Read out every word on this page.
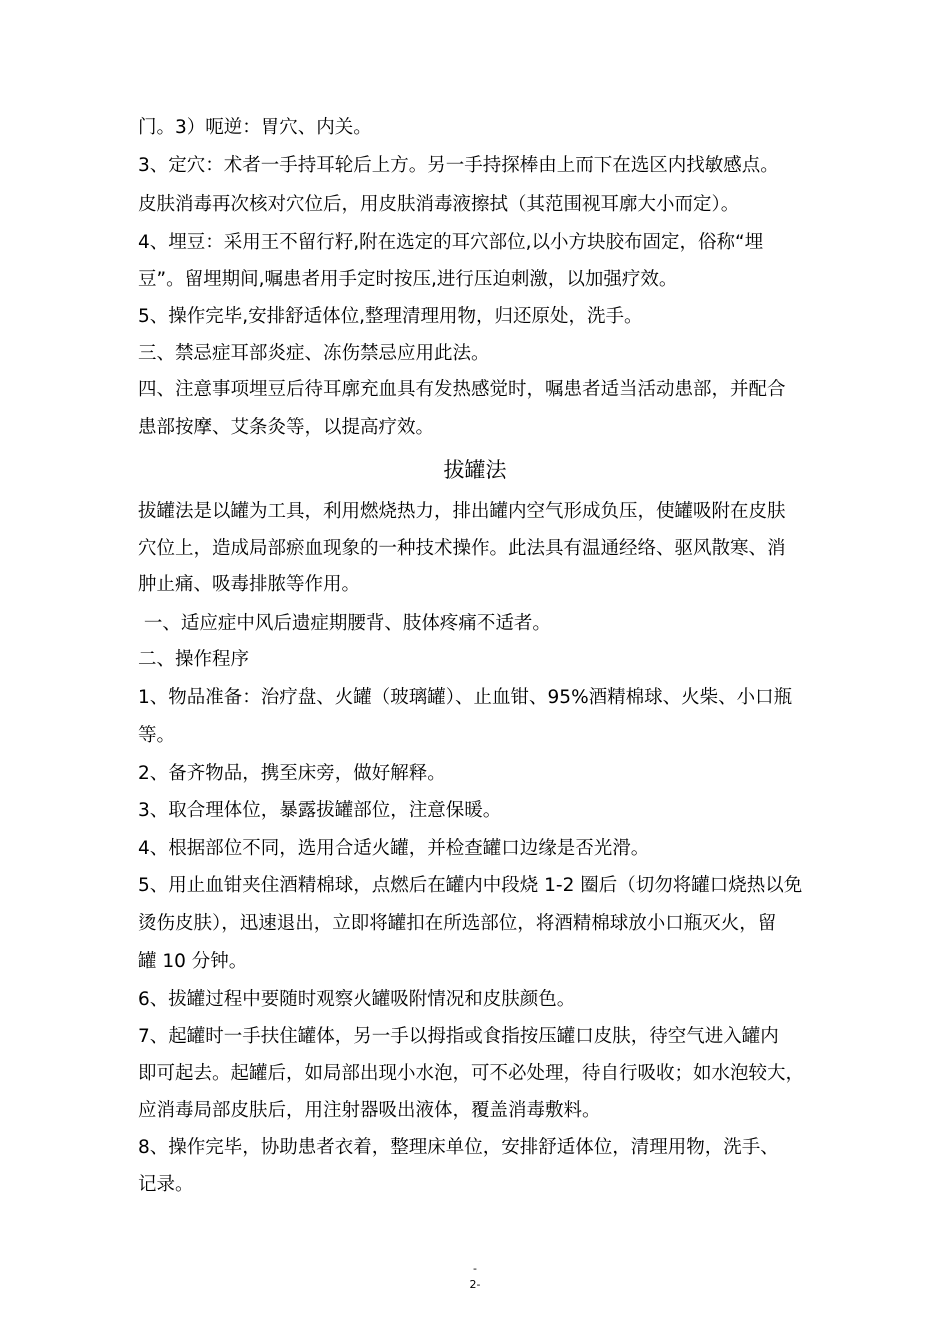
门。3）呃逆：胃穴、内关。
3、定穴：术者一手持耳轮后上方。另一手持探棒由上而下在选区内找敏感点。
皮肤消毒再次核对穴位后，用皮肤消毒液擦拭（其范围视耳廓大小而定）。
4、埋豆：采用王不留行籽,附在选定的耳穴部位,以小方块胶布固定，俗称“埋
豆”。留埋期间,嘱患者用手定时按压,进行压迫刺激，以加强疗效。
5、操作完毕,安排舒适体位,整理清理用物，归还原处，洗手。
三、禁忌症耳部炎症、冻伤禁忌应用此法。
四、注意事项埋豆后待耳廓充血具有发热感觉时，嘱患者适当活动患部，并配合
患部按摩、艾条灸等，以提高疗效。
拔罐法
拔罐法是以罐为工具，利用燃烧热力，排出罐内空气形成负压，使罐吸附在皮肤
穴位上，造成局部瘀血现象的一种技术操作。此法具有温通经络、驱风散寒、消
肿止痛、吸毒排脓等作用。
一、适应症中风后遗症期腰背、肢体疼痛不适者。
二、操作程序
1、物品准备：治疗盘、火罐（玻璃罐）、止血钳、95%酒精棉球、火柴、小口瓶
等。
2、备齐物品，携至床旁，做好解释。
3、取合理体位，暴露拔罐部位，注意保暖。
4、根据部位不同，选用合适火罐，并检查罐口边缘是否光滑。
5、用止血钳夹住酒精棉球，点燃后在罐内中段烧 1-2 圈后（切勿将罐口烧热以免
烫伤皮肤），迅速退出，立即将罐扣在所选部位，将酒精棉球放小口瓶灭火，留
罐 10 分钟。
6、拔罐过程中要随时观察火罐吸附情况和皮肤颜色。
7、起罐时一手扶住罐体，另一手以拇指或食指按压罐口皮肤，待空气进入罐内
即可起去。起罐后，如局部出现小水泡，可不必处理，待自行吸收；如水泡较大，
应消毒局部皮肤后，用注射器吸出液体，覆盖消毒敷料。
8、操作完毕，协助患者衣着，整理床单位，安排舒适体位，清理用物，洗手、
记录。
-
2-
